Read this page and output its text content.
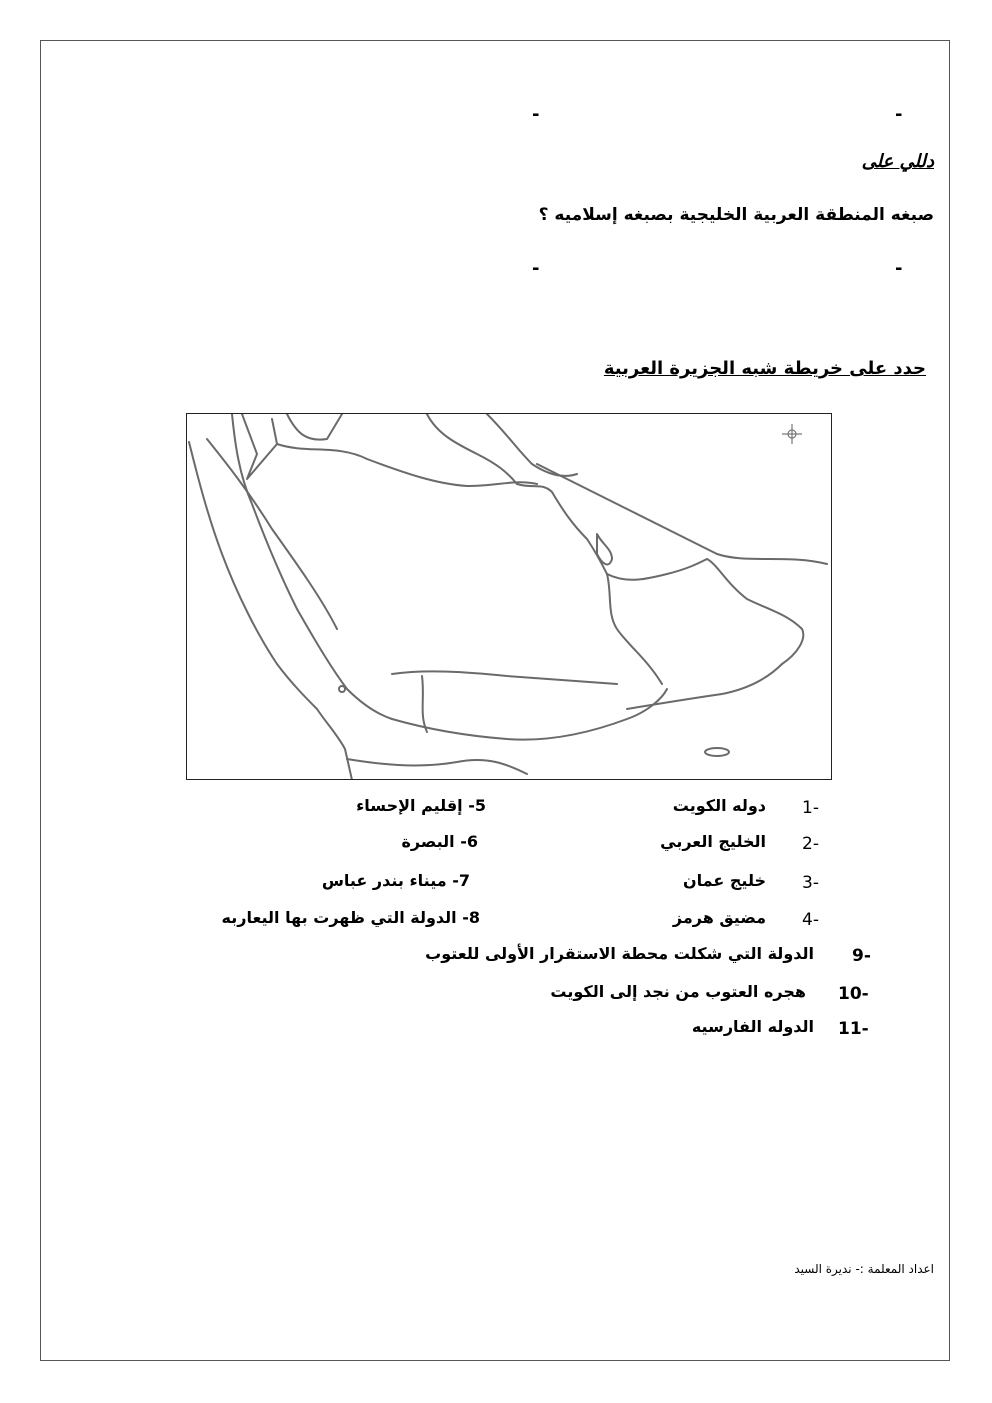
-
-
دللي على
صبغه المنطقة العربية الخليجية بصبغه إسلاميه ؟
-
-
حدد على خريطة شبه الجزيرة العربية
1-
دوله الكويت
2-
الخليج العربي
3-
خليج عمان
4-
مضيق هرمز
5- إقليم الإحساء
6- البصرة
7- ميناء بندر عباس
8- الدولة التي ظهرت بها اليعاربه
9-
الدولة التي شكلت محطة الاستقرار الأولى للعتوب
10-
هجره العتوب من نجد إلى الكويت
11-
الدوله الفارسيه
اعداد المعلمة :- نديرة السيد
